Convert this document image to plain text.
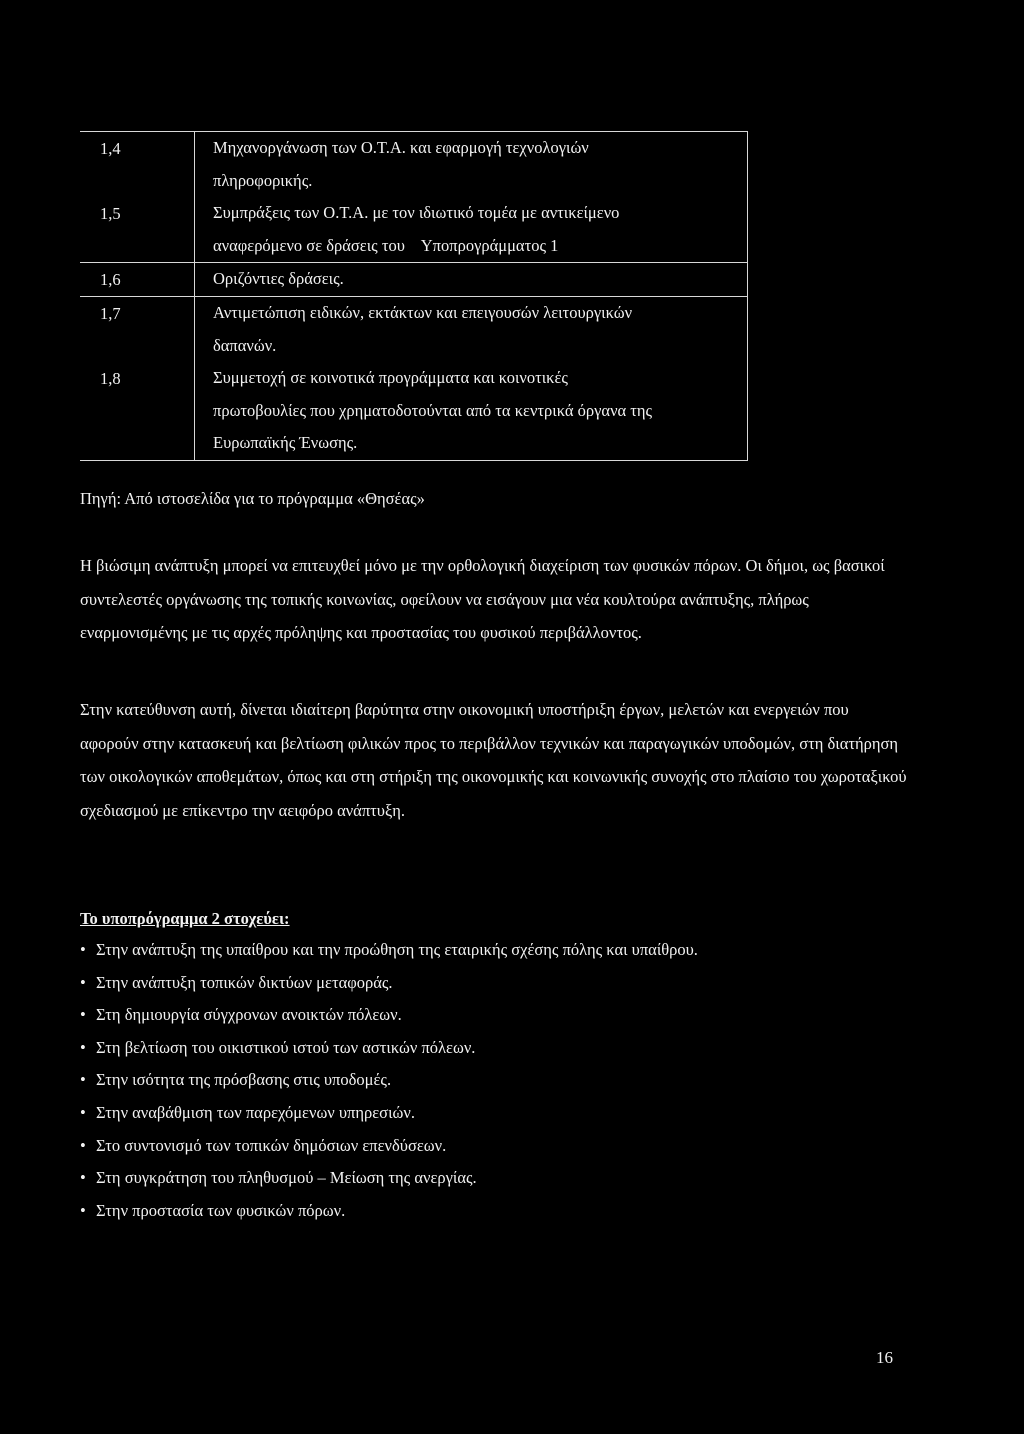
1,4	Μηχανοργάνωση των Ο.Τ.Α. και εφαρμογή τεχνολογιών
πληροφορικής.
1,5	Συμπράξεις των Ο.Τ.Α. με τον ιδιωτικό τομέα με αντικείμενο
αναφερόμενο σε δράσεις του    Υποπρογράμματος 1
1,6	Οριζόντιες δράσεις.
1,7	Αντιμετώπιση ειδικών, εκτάκτων και επειγουσών λειτουργικών
δαπανών.
1,8	Συμμετοχή σε κοινοτικά προγράμματα και κοινοτικές
πρωτοβουλίες που χρηματοδοτούνται από τα κεντρικά όργανα της
Ευρωπαϊκής Ένωσης.
Πηγή: Από ιστοσελίδα για το πρόγραμμα «Θησέας»

Η βιώσιμη ανάπτυξη μπορεί να επιτευχθεί μόνο με την ορθολογική διαχείριση των φυσικών πόρων. Οι δήμοι, ως βασικοί συντελεστές οργάνωσης της τοπικής κοινωνίας, οφείλουν να εισάγουν μια νέα κουλτούρα ανάπτυξης, πλήρως εναρμονισμένης με τις αρχές πρόληψης και προστασίας του φυσικού περιβάλλοντος.

Στην κατεύθυνση αυτή, δίνεται ιδιαίτερη βαρύτητα στην οικονομική υποστήριξη έργων, μελετών και ενεργειών που αφορούν στην κατασκευή και βελτίωση φιλικών προς το περιβάλλον τεχνικών και παραγωγικών υποδομών, στη διατήρηση των οικολογικών αποθεμάτων, όπως και στη στήριξη της οικονομικής και κοινωνικής συνοχής στο πλαίσιο του χωροταξικού σχεδιασμού με επίκεντρο την αειφόρο ανάπτυξη.

Το υποπρόγραμμα 2 στοχεύει:
• Στην ανάπτυξη της υπαίθρου και την προώθηση της εταιρικής σχέσης πόλης και υπαίθρου.
• Στην ανάπτυξη τοπικών δικτύων μεταφοράς.
• Στη δημιουργία σύγχρονων ανοικτών πόλεων.
• Στη βελτίωση του οικιστικού ιστού των αστικών πόλεων.
• Στην ισότητα της πρόσβασης στις υποδομές.
• Στην αναβάθμιση των παρεχόμενων υπηρεσιών.
• Στο συντονισμό των τοπικών δημόσιων επενδύσεων.
• Στη συγκράτηση του πληθυσμού – Μείωση της ανεργίας.
• Στην προστασία των φυσικών πόρων.
16
